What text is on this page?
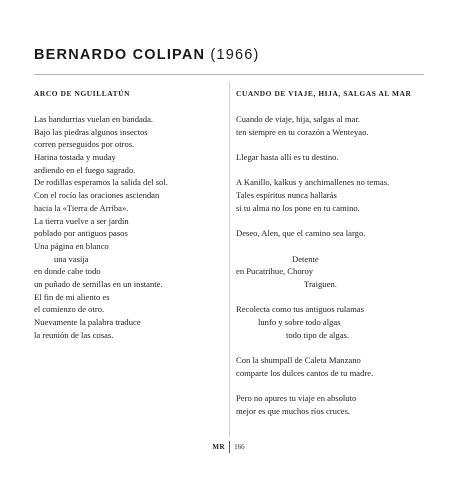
BERNARDO COLIPAN (1966)
ARCO DE NGUILLATÚN
Las bandurrias vuelan en bandada.
Bajo las piedras algunos insectos
corren perseguidos por otros.
Harina tostada y muday
ardiendo en el fuego sagrado.
De rodillas esperamos la salida del sol.
Con el rocío las oraciones asciendan
hacia la «Tierra de Arriba».
La tierra vuelve a ser jardín
poblado por antiguos pasos
Una página en blanco
una vasija
en donde cabe todo
un puñado de semillas en un instante.
El fin de mi aliento es
el comienzo de otro.
Nuevamente la palabra traduce
la reunión de las cosas.
CUANDO DE VIAJE, HIJA, SALGAS AL MAR
Cuando de viaje, hija, salgas al mar.
ten siempre en tu corazón a Wenteyao.
Llegar hasta allí es tu destino.
A Kanillo, kalkus y anchimallenes no temas.
Tales espíritus nunca hallarás
si tu alma no los pone en tu camino.
Deseo, Alen, que el camino sea largo.
Detente
en Pucatrihue, Choroy
Traiguen.
Recolecta como tus antiguos rulamas
lunfo y sobre todo algas
todo tipo de algas.
Con la shumpall de Caleta Manzano
comparte los dulces cantos de tu madre.
Pero no apures tu viaje en absoluto
mejor es que muchos ríos cruces.
MR 166
